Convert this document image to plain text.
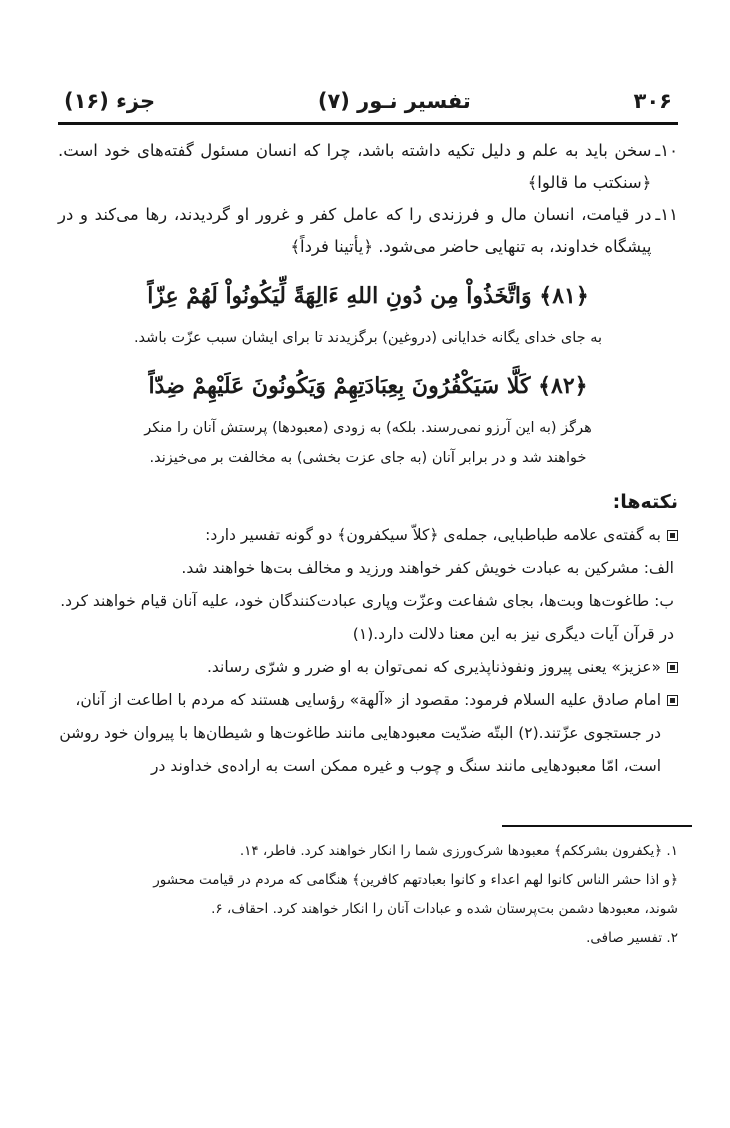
۳۰۶
تفسیر نـور (۷)
جزء (۱۶)
۱۰ـ
سخن باید به علم و دلیل تکیه داشته باشد، چرا که انسان مسئول گفته‌های خود است. ﴿سنکتب ما قالوا﴾
۱۱ـ
در قیامت، انسان مال و فرزندی را که عامل کفر و غرور او گردیدند، رها می‌کند و در پیشگاه خداوند، به تنهایی حاضر می‌شود. ﴿یأتینا فرداً﴾
﴿۸۱﴾ وَاتَّخَذُواْ مِن دُونِ اللهِ ءَالِهَةً لِّيَكُونُواْ لَهُمْ عِزّاً
به جای خدای یگانه خدایانی (دروغین) برگزیدند تا برای ایشان سبب عزّت باشد.
﴿۸۲﴾ كَلَّا سَيَكْفُرُونَ بِعِبَادَتِهِمْ وَيَكُونُونَ عَلَيْهِمْ ضِدّاً
هرگز (به این آرزو نمی‌رسند. بلکه) به زودی (معبودها) پرستش آنان را منکر
خواهند شد و در برابر آنان (به جای عزت بخشی) به مخالفت بر می‌خیزند.
نکته‌ها:
به گفته‌ی علامه طباطبایی، جمله‌ی ﴿کلاّ سیکفرون﴾ دو گونه تفسیر دارد:
الف: مشرکین به عبادت خویش کفر خواهند ورزید و مخالف بت‌ها خواهند شد.
ب: طاغوت‌ها وبت‌ها، بجای شفاعت وعزّت وپاری عبادت‌کنندگان خود، علیه آنان قیام خواهند کرد. در قرآن آیات دیگری نیز به این معنا دلالت دارد.(۱)
«عزیز» یعنی پیروز ونفوذناپذیری که نمی‌توان به او ضرر و شرّی رساند.
امام صادق علیه السلام فرمود: مقصود از «آلهة» رؤسایی هستند که مردم با اطاعت از آنان، در جستجوی عزّتند.(۲) البتّه ضدّیت معبودهایی مانند طاغوت‌ها و شیطان‌ها با پیروان خود روشن است، امّا معبودهایی مانند سنگ و چوب و غیره ممکن است به اراده‌ی خداوند در
۱. ﴿یکفرون بشرککم﴾ معبودها شرک‌ورزی شما را انکار خواهند کرد. فاطر، ۱۴.
﴿و اذا حشر الناس کانوا لهم اعداء و کانوا بعبادتهم کافرین﴾ هنگامی که مردم در قیامت محشور
شوند، معبودها دشمن بت‌پرستان شده و عبادات آنان را انکار خواهند کرد. احقاف، ۶.
۲. تفسیر صافی.
